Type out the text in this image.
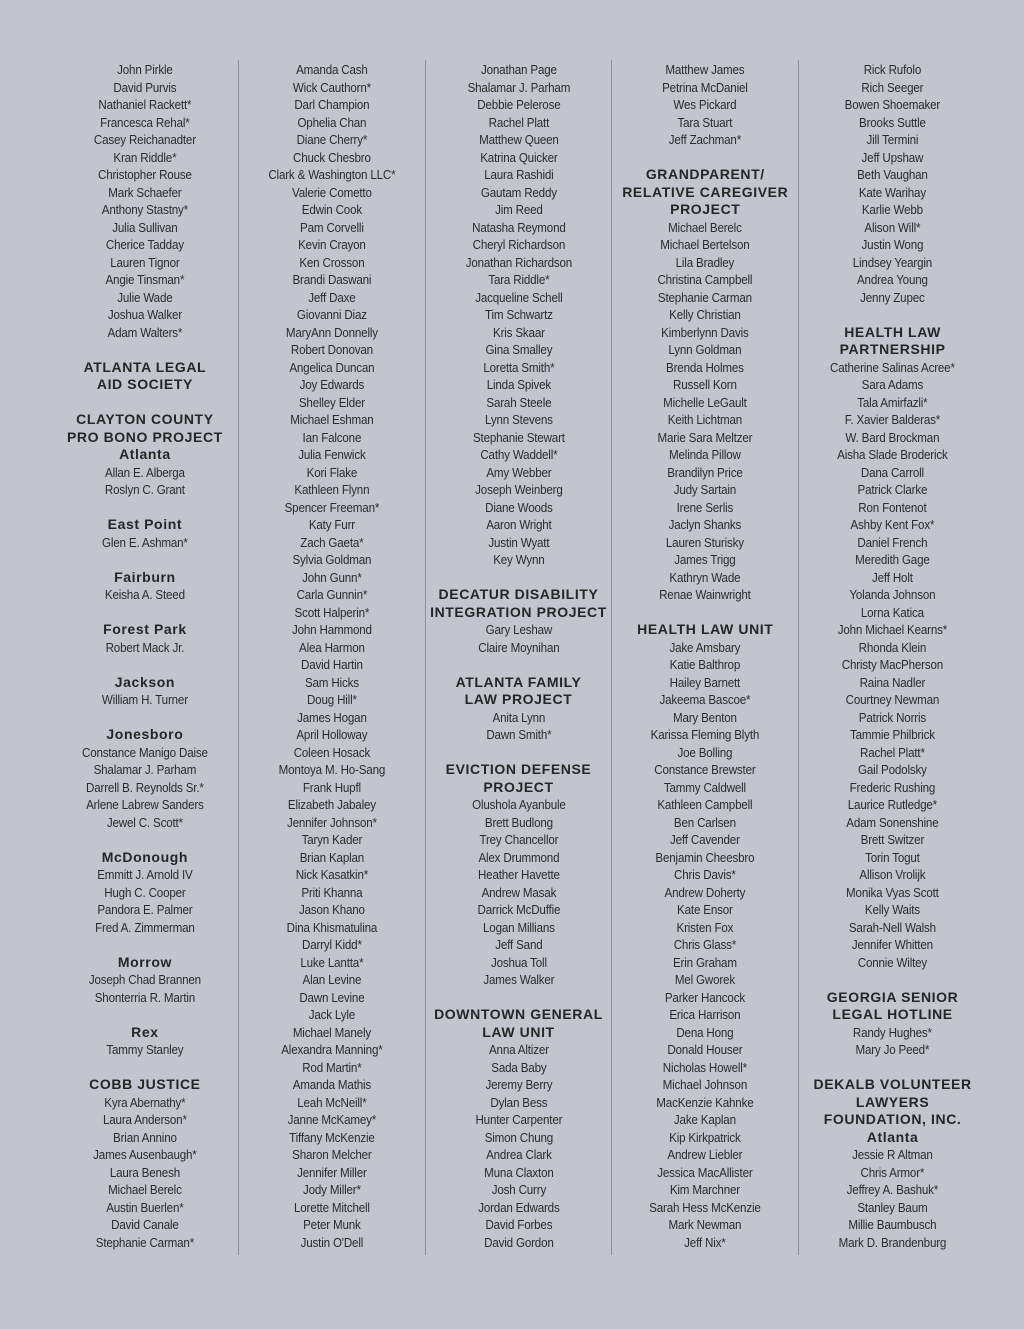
John Pirkle
David Purvis
Nathaniel Rackett*
Francesca Rehal*
Casey Reichanadter
Kran Riddle*
Christopher Rouse
Mark Schaefer
Anthony Stastny*
Julia Sullivan
Cherice Tadday
Lauren Tignor
Angie Tinsman*
Julie Wade
Joshua Walker
Adam Walters*
ATLANTA LEGAL
AID SOCIETY
CLAYTON COUNTY
PRO BONO PROJECT
Atlanta
Allan E. Alberga
Roslyn C. Grant
East Point
Glen E. Ashman*
Fairburn
Keisha A. Steed
Forest Park
Robert Mack Jr.
Jackson
William H. Turner
Jonesboro
Constance Manigo Daise
Shalamar J. Parham
Darrell B. Reynolds Sr.*
Arlene Labrew Sanders
Jewel C. Scott*
McDonough
Emmitt J. Arnold IV
Hugh C. Cooper
Pandora E. Palmer
Fred A. Zimmerman
Morrow
Joseph Chad Brannen
Shonterria R. Martin
Rex
Tammy Stanley
COBB JUSTICE
Kyra Abernathy*
Laura Anderson*
Brian Annino
James Ausenbaugh*
Laura Benesh
Michael Berelc
Austin Buerlen*
David Canale
Stephanie Carman*
Amanda Cash
Wick Cauthorn*
Darl Champion
Ophelia Chan
Diane Cherry*
Chuck Chesbro
Clark & Washington LLC*
Valerie Cometto
Edwin Cook
Pam Corvelli
Kevin Crayon
Ken Crosson
Brandi Daswani
Jeff Daxe
Giovanni Diaz
MaryAnn Donnelly
Robert Donovan
Angelica Duncan
Joy Edwards
Shelley Elder
Michael Eshman
Ian Falcone
Julia Fenwick
Kori Flake
Kathleen Flynn
Spencer Freeman*
Katy Furr
Zach Gaeta*
Sylvia Goldman
John Gunn*
Carla Gunnin*
Scott Halperin*
John Hammond
Alea Harmon
David Hartin
Sam Hicks
Doug Hill*
James Hogan
April Holloway
Coleen Hosack
Montoya M. Ho-Sang
Frank Hupfl
Elizabeth Jabaley
Jennifer Johnson*
Taryn Kader
Brian Kaplan
Nick Kasatkin*
Priti Khanna
Jason Khano
Dina Khismatulina
Darryl Kidd*
Luke Lantta*
Alan Levine
Dawn Levine
Jack Lyle
Michael Manely
Alexandra Manning*
Rod Martin*
Amanda Mathis
Leah McNeill*
Janne McKamey*
Tiffany McKenzie
Sharon Melcher
Jennifer Miller
Jody Miller*
Lorette Mitchell
Peter Munk
Justin O'Dell
Jonathan Page
Shalamar J. Parham
Debbie Pelerose
Rachel Platt
Matthew Queen
Katrina Quicker
Laura Rashidi
Gautam Reddy
Jim Reed
Natasha Reymond
Cheryl Richardson
Jonathan Richardson
Tara Riddle*
Jacqueline Schell
Tim Schwartz
Kris Skaar
Gina Smalley
Loretta Smith*
Linda Spivek
Sarah Steele
Lynn Stevens
Stephanie Stewart
Cathy Waddell*
Amy Webber
Joseph Weinberg
Diane Woods
Aaron Wright
Justin Wyatt
Key Wynn
DECATUR DISABILITY
INTEGRATION PROJECT
Gary Leshaw
Claire Moynihan
ATLANTA FAMILY
LAW PROJECT
Anita Lynn
Dawn Smith*
EVICTION DEFENSE
PROJECT
Olushola Ayanbule
Brett Budlong
Trey Chancellor
Alex Drummond
Heather Havette
Andrew Masak
Darrick McDuffie
Logan Millians
Jeff Sand
Joshua Toll
James Walker
DOWNTOWN GENERAL
LAW UNIT
Anna Altizer
Sada Baby
Jeremy Berry
Dylan Bess
Hunter Carpenter
Simon Chung
Andrea Clark
Muna Claxton
Josh Curry
Jordan Edwards
David Forbes
David Gordon
Matthew James
Petrina McDaniel
Wes Pickard
Tara Stuart
Jeff Zachman*
GRANDPARENT/
RELATIVE CAREGIVER
PROJECT
Michael Berelc
Michael Bertelson
Lila Bradley
Christina Campbell
Stephanie Carman
Kelly Christian
Kimberlynn Davis
Lynn Goldman
Brenda Holmes
Russell Korn
Michelle LeGault
Keith Lichtman
Marie Sara Meltzer
Melinda Pillow
Brandilyn Price
Judy Sartain
Irene Serlis
Jaclyn Shanks
Lauren Sturisky
James Trigg
Kathryn Wade
Renae Wainwright
HEALTH LAW UNIT
Jake Amsbary
Katie Balthrop
Hailey Barnett
Jakeema Bascoe*
Mary Benton
Karissa Fleming Blyth
Joe Bolling
Constance Brewster
Tammy Caldwell
Kathleen Campbell
Ben Carlsen
Jeff Cavender
Benjamin Cheesbro
Chris Davis*
Andrew Doherty
Kate Ensor
Kristen Fox
Chris Glass*
Erin Graham
Mel Gworek
Parker Hancock
Erica Harrison
Dena Hong
Donald Houser
Nicholas Howell*
Michael Johnson
MacKenzie Kahnke
Jake Kaplan
Kip Kirkpatrick
Andrew Liebler
Jessica MacAllister
Kim Marchner
Sarah Hess McKenzie
Mark Newman
Jeff Nix*
Rick Rufolo
Rich Seeger
Bowen Shoemaker
Brooks Suttle
Jill Termini
Jeff Upshaw
Beth Vaughan
Kate Warihay
Karlie Webb
Alison Will*
Justin Wong
Lindsey Yeargin
Andrea Young
Jenny Zupec
HEALTH LAW
PARTNERSHIP
Catherine Salinas Acree*
Sara Adams
Tala Amirfazli*
F. Xavier Balderas*
W. Bard Brockman
Aisha Slade Broderick
Dana Carroll
Patrick Clarke
Ron Fontenot
Ashby Kent Fox*
Daniel French
Meredith Gage
Jeff Holt
Yolanda Johnson
Lorna Katica
John Michael Kearns*
Rhonda Klein
Christy MacPherson
Raina Nadler
Courtney Newman
Patrick Norris
Tammie Philbrick
Rachel Platt*
Gail Podolsky
Frederic Rushing
Laurice Rutledge*
Adam Sonenshine
Brett Switzer
Torin Togut
Allison Vrolijk
Monika Vyas Scott
Kelly Waits
Sarah-Nell Walsh
Jennifer Whitten
Connie Wiltey
GEORGIA SENIOR
LEGAL HOTLINE
Randy Hughes*
Mary Jo Peed*
DEKALB VOLUNTEER
LAWYERS
FOUNDATION, INC.
Atlanta
Jessie R Altman
Chris Armor*
Jeffrey A. Bashuk*
Stanley Baum
Millie Baumbusch
Mark D. Brandenburg
